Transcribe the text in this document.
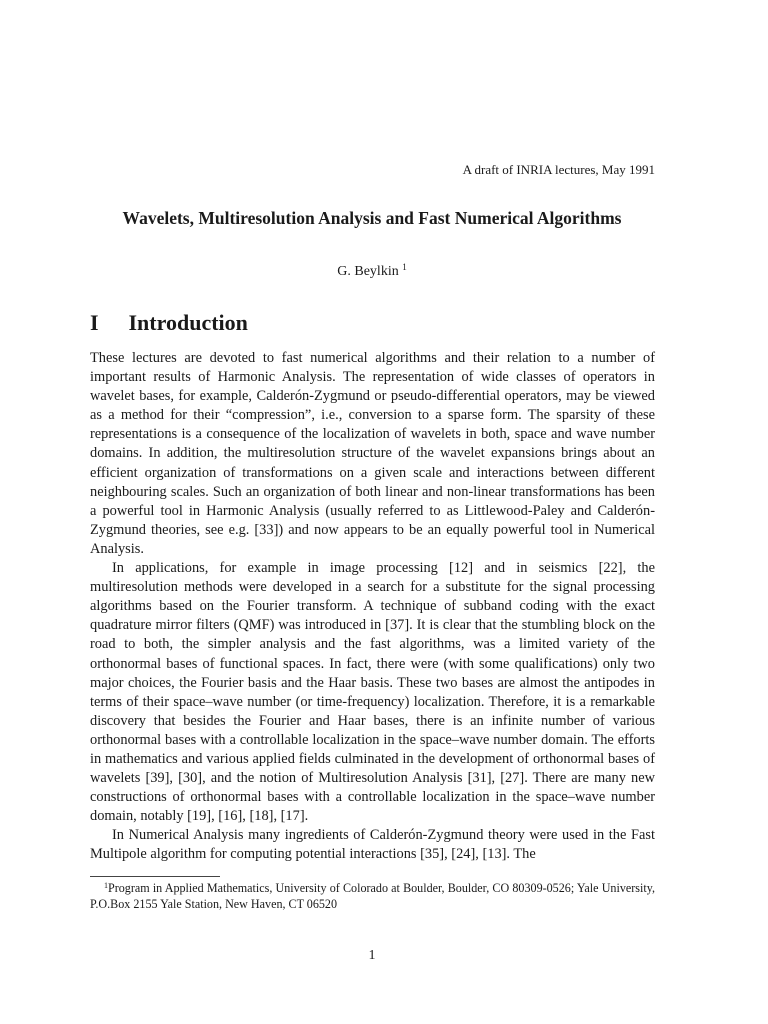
A draft of INRIA lectures, May 1991
Wavelets, Multiresolution Analysis and Fast Numerical Algorithms
G. Beylkin $^1$
I Introduction

These lectures are devoted to fast numerical algorithms and their relation to a number of important results of Harmonic Analysis. The representation of wide classes of operators in wavelet bases, for example, Calderón-Zygmund or pseudo-differential operators, may be viewed as a method for their “compression”, i.e., conversion to a sparse form. The sparsity of these representations is a consequence of the localization of wavelets in both, space and wave number domains. In addition, the multiresolution structure of the wavelet expansions brings about an efficient organization of transformations on a given scale and interactions between different neighbouring scales. Such an organization of both linear and non-linear transformations has been a powerful tool in Harmonic Analysis (usually referred to as Littlewood-Paley and Calderón-Zygmund theories, see e.g. [33]) and now appears to be an equally powerful tool in Numerical Analysis.

In applications, for example in image processing [12] and in seismics [22], the multiresolution methods were developed in a search for a substitute for the signal processing algorithms based on the Fourier transform. A technique of subband coding with the exact quadrature mirror filters (QMF) was introduced in [37]. It is clear that the stumbling block on the road to both, the simpler analysis and the fast algorithms, was a limited variety of the orthonormal bases of functional spaces. In fact, there were (with some qualifications) only two major choices, the Fourier basis and the Haar basis. These two bases are almost the antipodes in terms of their space–wave number (or time-frequency) localization. Therefore, it is a remarkable discovery that besides the Fourier and Haar bases, there is an infinite number of various orthonormal bases with a controllable localization in the space–wave number domain. The efforts in mathematics and various applied fields culminated in the development of orthonormal bases of wavelets [39], [30], and the notion of Multiresolution Analysis [31], [27]. There are many new constructions of orthonormal bases with a controllable localization in the space–wave number domain, notably [19], [16], [18], [17].

In Numerical Analysis many ingredients of Calderón-Zygmund theory were used in the Fast Multipole algorithm for computing potential interactions [35], [24], [13]. The

$^1$Program in Applied Mathematics, University of Colorado at Boulder, Boulder, CO 80309-0526; Yale University, P.O.Box 2155 Yale Station, New Haven, CT 06520

1
